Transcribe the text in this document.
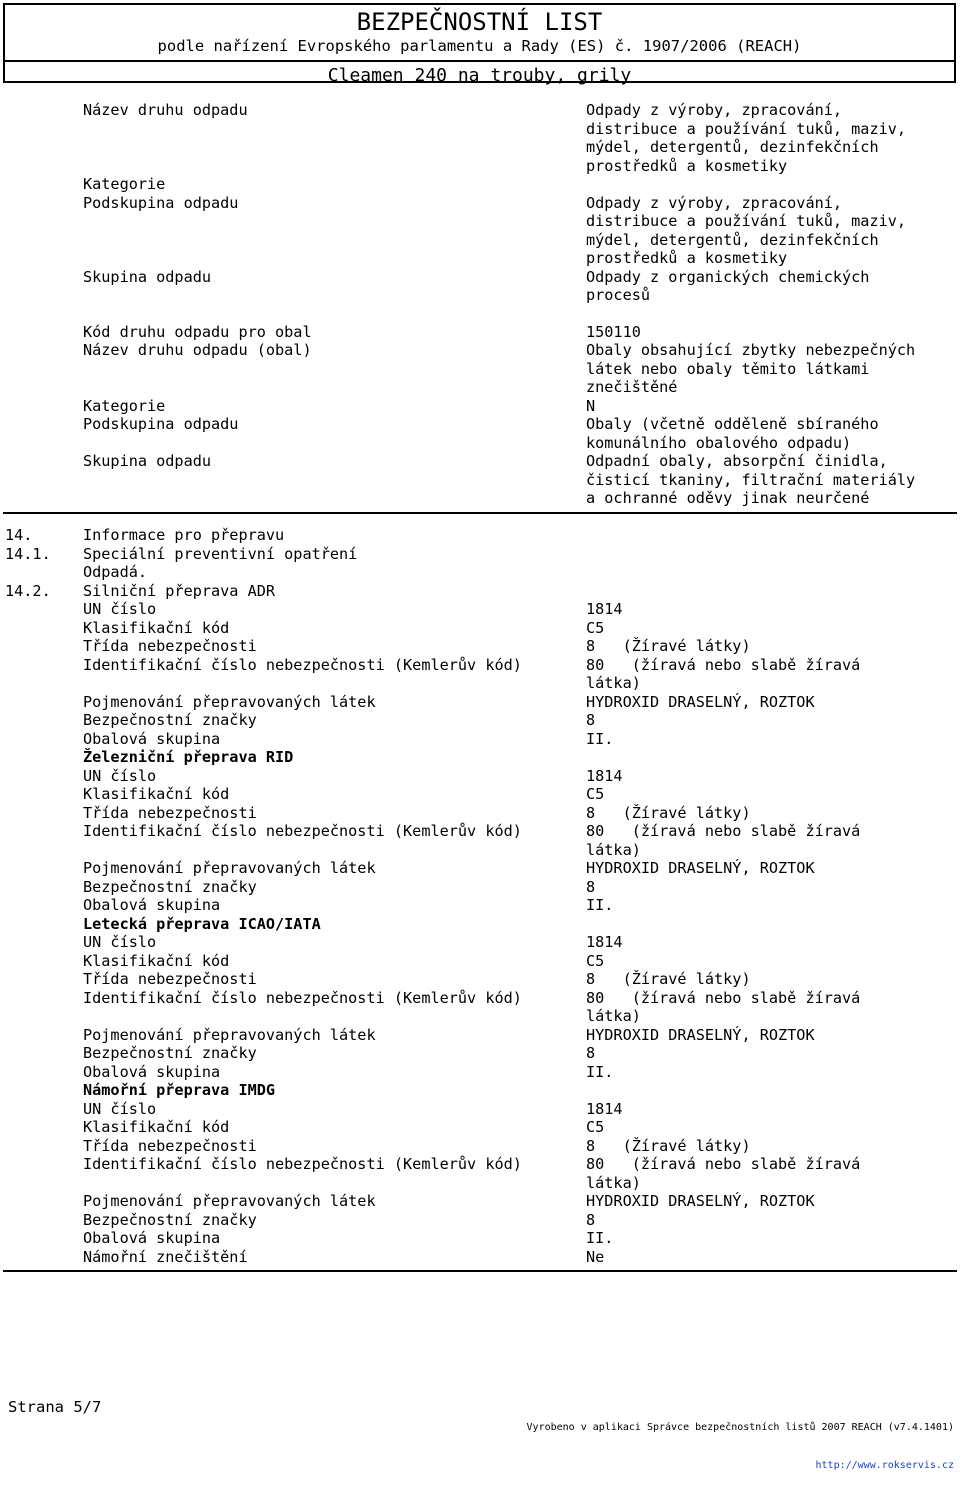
BEZPEČNOSTNÍ LIST
podle nařízení Evropského parlamentu a Rady (ES) č. 1907/2006 (REACH)
Cleamen 240 na trouby, grily
Název druhu odpadu	Odpady z výroby, zpracování,
distribuce a používání tuků, maziv,
mýdel, detergentů, dezinfekčních
prostředků a kosmetiky
Kategorie
Podskupina odpadu	Odpady z výroby, zpracování,
distribuce a používání tuků, maziv,
mýdel, detergentů, dezinfekčních
prostředků a kosmetiky
Skupina odpadu	Odpady z organických chemických
procesů
Kód druhu odpadu pro obal	150110
Název druhu odpadu (obal)	Obaly obsahující zbytky nebezpečných
látek nebo obaly těmito látkami
znečištěné
Kategorie	N
Podskupina odpadu	Obaly (včetně odděleně sbíraného
komunálního obalového odpadu)
Skupina odpadu	Odpadní obaly, absorpční činidla,
čisticí tkaniny, filtrační materiály
a ochranné oděvy jinak neurčené
14.	Informace pro přepravu
14.1. Speciální preventivní opatření
Odpadá.
14.2. Silniční přeprava ADR
UN číslo	1814
Klasifikační kód	C5
Třída nebezpečnosti	8   (Žíravé látky)
Identifikační číslo nebezpečnosti (Kemlerův kód)	80   (žíravá nebo slabě žíravá
látka)
Pojmenování přepravovaných látek	HYDROXID DRASELNÝ, ROZTOK
Bezpečnostní značky	8
Obalová skupina	II.
Železniční přeprava RID
UN číslo	1814
Klasifikační kód	C5
Třída nebezpečnosti	8   (Žíravé látky)
Identifikační číslo nebezpečnosti (Kemlerův kód)	80   (žíravá nebo slabě žíravá
látka)
Pojmenování přepravovaných látek	HYDROXID DRASELNÝ, ROZTOK
Bezpečnostní značky	8
Obalová skupina	II.
Letecká přeprava ICAO/IATA
UN číslo	1814
Klasifikační kód	C5
Třída nebezpečnosti	8   (Žíravé látky)
Identifikační číslo nebezpečnosti (Kemlerův kód)	80   (žíravá nebo slabě žíravá
látka)
Pojmenování přepravovaných látek	HYDROXID DRASELNÝ, ROZTOK
Bezpečnostní značky	8
Obalová skupina	II.
Námořní přeprava IMDG
UN číslo	1814
Klasifikační kód	C5
Třída nebezpečnosti	8   (Žíravé látky)
Identifikační číslo nebezpečnosti (Kemlerův kód)	80   (žíravá nebo slabě žíravá
látka)
Pojmenování přepravovaných látek	HYDROXID DRASELNÝ, ROZTOK
Bezpečnostní značky	8
Obalová skupina	II.
Námořní znečištění	Ne
Strana 5/7

Vyrobeno v aplikaci Správce bezpečnostních listů 2007 REACH (v7.4.1401)

http://www.rokservis.cz
